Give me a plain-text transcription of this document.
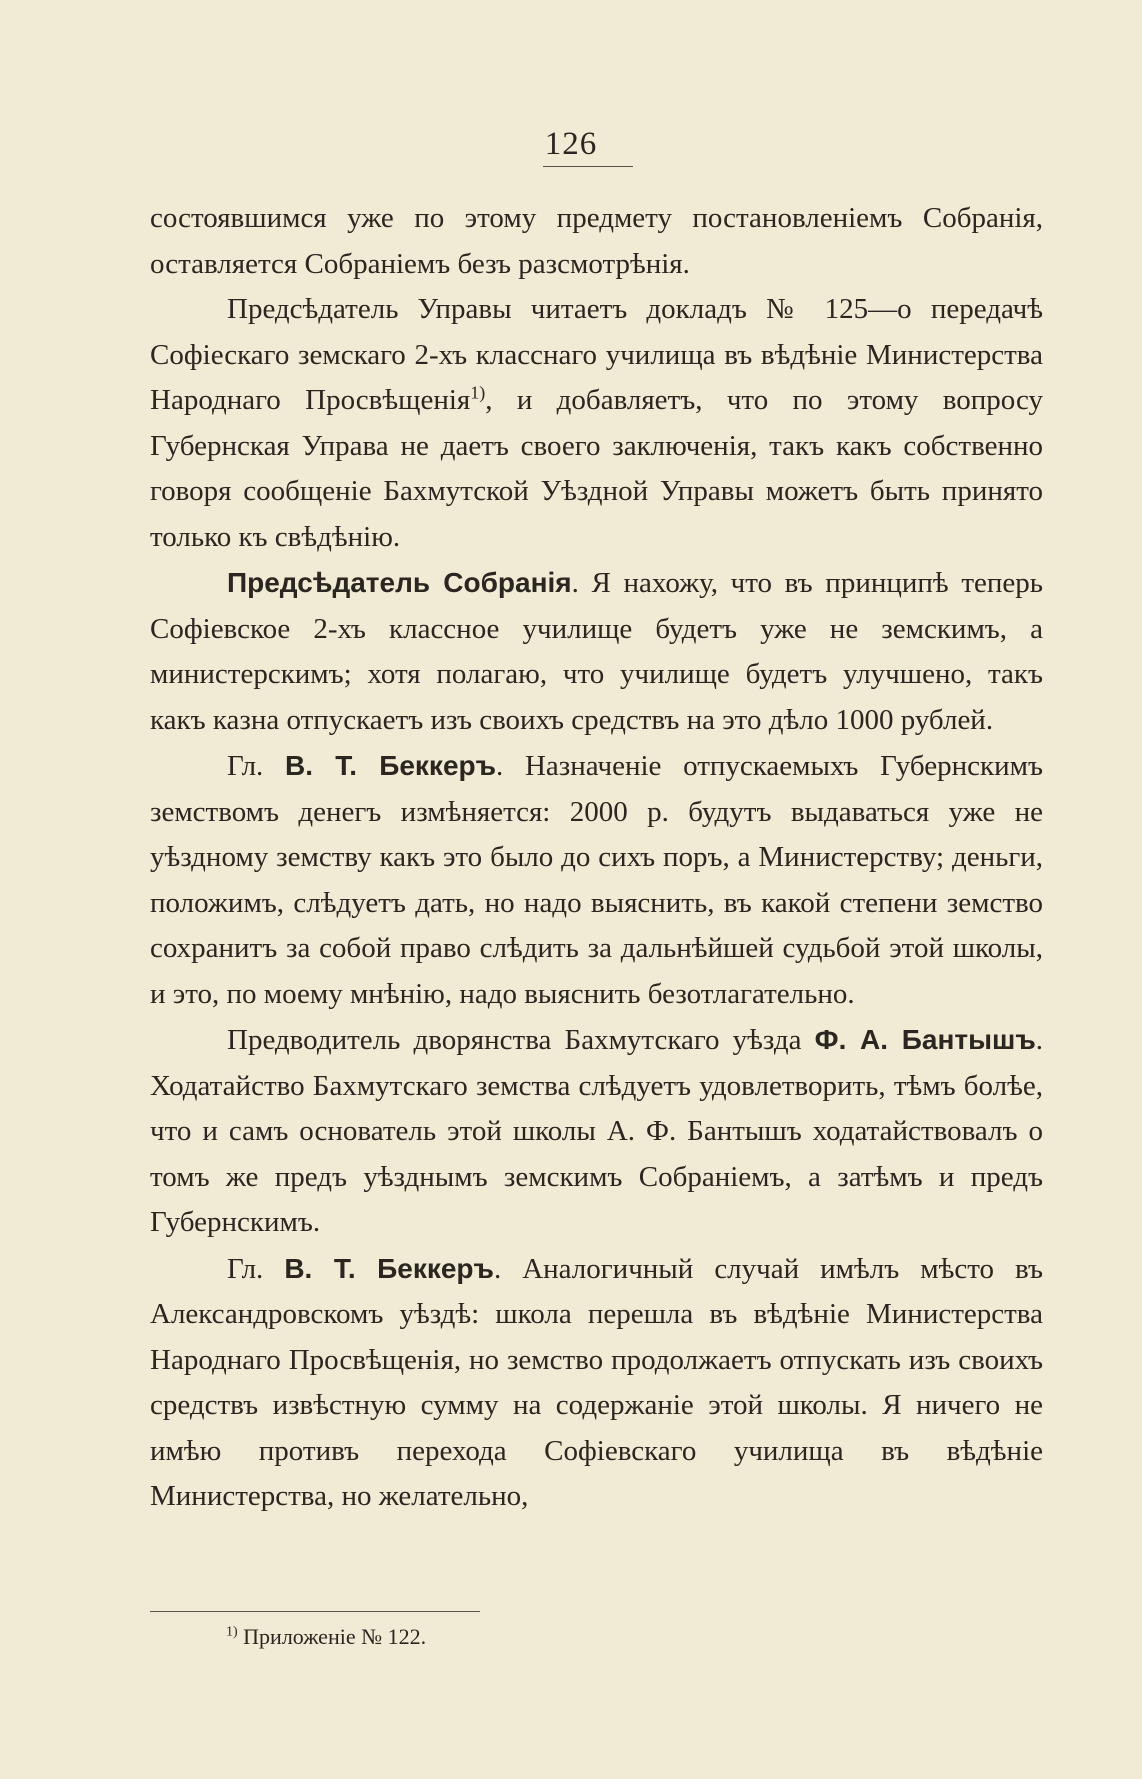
126

состоявшимся уже по этому предмету постановленіемъ Собранія, оставляется Собраніемъ безъ разсмотрѣнія.

Предсѣдатель Управы читаетъ докладъ № 125—о передачѣ Софіескаго земскаго 2-хъ класснаго училища въ вѣдѣніе Министерства Народнаго Просвѣщенія$^{1)}$, и добавляетъ, что по этому вопросу Губернская Управа не даетъ своего заключенія, такъ какъ собственно говоря сообщеніе Бахмутской Уѣздной Управы можетъ быть принято только къ свѣдѣнію.

Предсѣдатель Собранія. Я нахожу, что въ принципѣ теперь Софіевское 2-хъ классное училище будетъ уже не земскимъ, а министерскимъ; хотя полагаю, что училище будетъ улучшено, такъ какъ казна отпускаетъ изъ своихъ средствъ на это дѣло 1000 рублей.

Гл. В. Т. Беккеръ. Назначеніе отпускаемыхъ Губернскимъ земствомъ денегъ измѣняется: 2000 р. будутъ выдаваться уже не уѣздному земству какъ это было до сихъ поръ, а Министерству; деньги, положимъ, слѣдуетъ дать, но надо выяснить, въ какой степени земство сохранитъ за собой право слѣдить за дальнѣйшей судьбой этой школы, и это, по моему мнѣнію, надо выяснить безотлагательно.

Предводитель дворянства Бахмутскаго уѣзда Ф. А. Бантышъ. Ходатайство Бахмутскаго земства слѣдуетъ удовлетворить, тѣмъ болѣе, что и самъ основатель этой школы А. Ф. Бантышъ ходатайствовалъ о томъ же предъ уѣзднымъ земскимъ Собраніемъ, а затѣмъ и предъ Губернскимъ.

Гл. В. Т. Беккеръ. Аналогичный случай имѣлъ мѣсто въ Александровскомъ уѣздѣ: школа перешла въ вѣдѣніе Министерства Народнаго Просвѣщенія, но земство продолжаетъ отпускать изъ своихъ средствъ извѣстную сумму на содержаніе этой школы. Я ничего не имѣю противъ перехода Софіевскаго училища въ вѣдѣніе Министерства, но желательно,

$^{1)}$ Приложеніе № 122.
